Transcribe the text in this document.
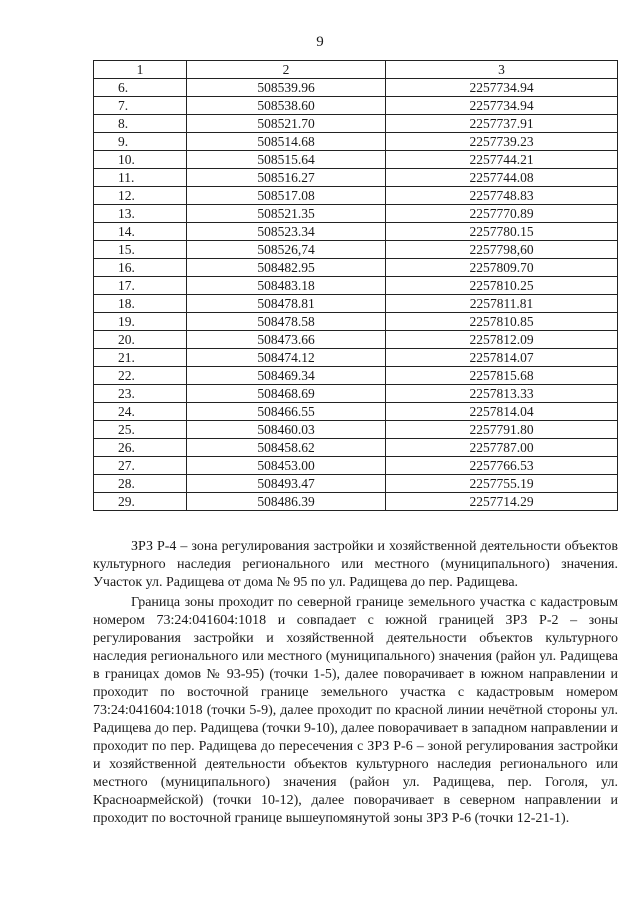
9
1	2	3
6.	508539.96	2257734.94
7.	508538.60	2257734.94
8.	508521.70	2257737.91
9.	508514.68	2257739.23
10.	508515.64	2257744.21
11.	508516.27	2257744.08
12.	508517.08	2257748.83
13.	508521.35	2257770.89
14.	508523.34	2257780.15
15.	508526,74	2257798,60
16.	508482.95	2257809.70
17.	508483.18	2257810.25
18.	508478.81	2257811.81
19.	508478.58	2257810.85
20.	508473.66	2257812.09
21.	508474.12	2257814.07
22.	508469.34	2257815.68
23.	508468.69	2257813.33
24.	508466.55	2257814.04
25.	508460.03	2257791.80
26.	508458.62	2257787.00
27.	508453.00	2257766.53
28.	508493.47	2257755.19
29.	508486.39	2257714.29

ЗРЗ Р-4 – зона регулирования застройки и хозяйственной деятельности объектов культурного наследия регионального или местного (муниципального) значения. Участок ул. Радищева от дома № 95 по ул. Радищева до пер. Радищева.

Граница зоны проходит по северной границе земельного участка с кадастровым номером 73:24:041604:1018 и совпадает с южной границей ЗРЗ Р-2 – зоны регулирования застройки и хозяйственной деятельности объектов культурного наследия регионального или местного (муниципального) значения (район ул. Радищева в границах домов № 93-95) (точки 1-5), далее поворачивает в южном направлении и проходит по восточной границе земельного участка с кадастровым номером 73:24:041604:1018 (точки 5-9), далее проходит по красной линии нечётной стороны ул. Радищева до пер. Радищева (точки 9-10), далее поворачивает в западном направлении и проходит по пер. Радищева до пересечения с ЗРЗ Р-6 – зоной регулирования застройки и хозяйственной деятельности объектов культурного наследия регионального или местного (муниципального) значения (район ул. Радищева, пер. Гоголя, ул. Красноармейской) (точки 10-12), далее поворачивает в северном направлении и проходит по восточной границе вышеупомянутой зоны ЗРЗ Р-6 (точки 12-21-1).
